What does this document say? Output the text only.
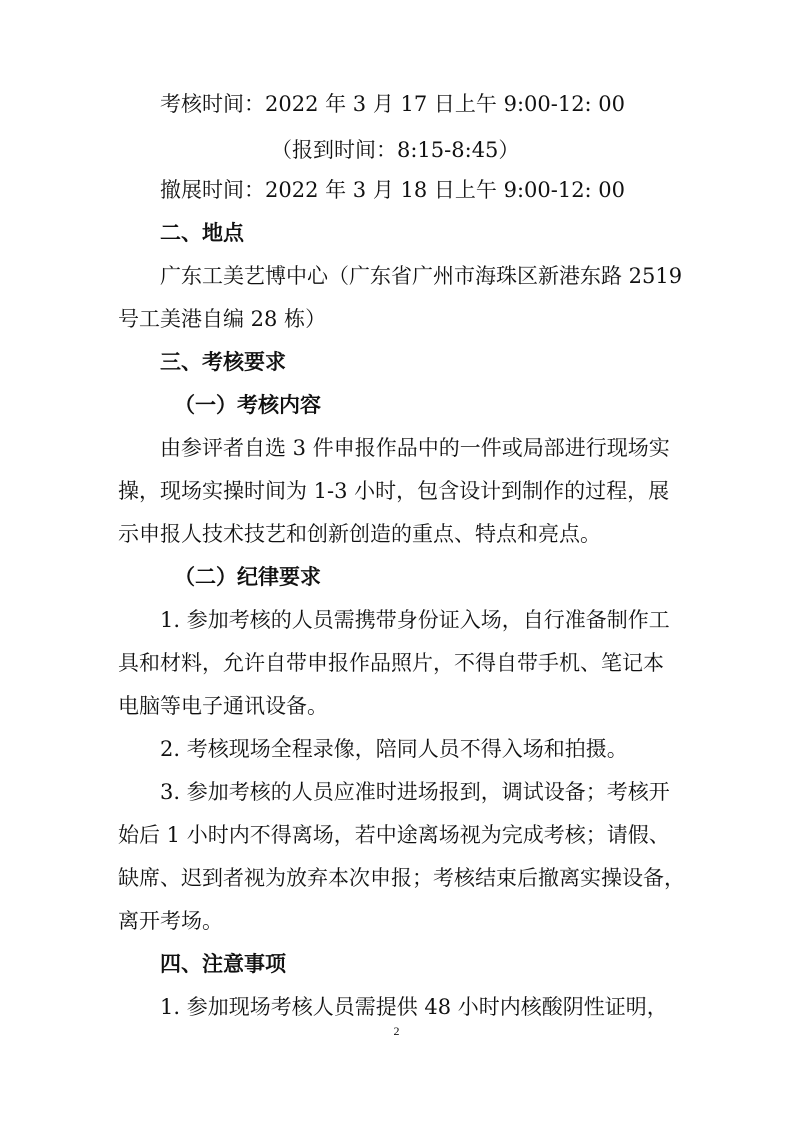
考核时间：2022 年 3 月 17 日上午 9:00-12: 00

（报到时间：8:15-8:45）

撤展时间：2022 年 3 月 18 日上午 9:00-12: 00

二、地点

广东工美艺博中心（广东省广州市海珠区新港东路 2519

号工美港自编 28 栋）

三、考核要求

（一）考核内容

由参评者自选 3 件申报作品中的一件或局部进行现场实

操，现场实操时间为 1-3 小时，包含设计到制作的过程，展

示申报人技术技艺和创新创造的重点、特点和亮点。

（二）纪律要求

1. 参加考核的人员需携带身份证入场，自行准备制作工

具和材料，允许自带申报作品照片，不得自带手机、笔记本

电脑等电子通讯设备。

2. 考核现场全程录像，陪同人员不得入场和拍摄。

3. 参加考核的人员应准时进场报到，调试设备；考核开

始后 1 小时内不得离场，若中途离场视为完成考核；请假、

缺席、迟到者视为放弃本次申报；考核结束后撤离实操设备，

离开考场。

四、注意事项

1. 参加现场考核人员需提供 48 小时内核酸阴性证明，

2
